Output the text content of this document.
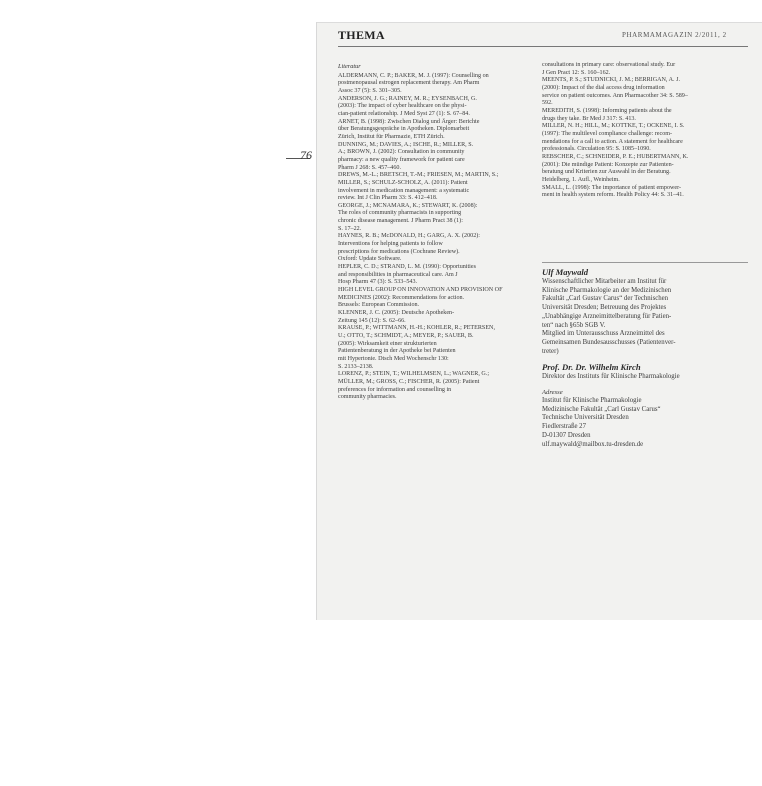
THEMA	PHARMAMAGAZIN 2/2011, 2
76
Literatur
ALDERMANN, C. P.; BAKER, M. J. (1997): Counselling on
postmenopausal estrogen replacement therapy. Am Pharm
Assoc 37 (5): S. 301–305.
ANDERSON, J. G.; RAINEY, M. R.; EYSENBACH, G.
(2003): The impact of cyber healthcare on the physi-
cian-patient relationship. J Med Syst 27 (1): S. 67–84.
ARNET, B. (1998): Zwischen Dialog und Ärger: Berichte
über Beratungsgespräche in Apotheken. Diplomarbeit
Zürich, Institut für Pharmazie, ETH Zürich.
DUNNING, M.; DAVIES, A.; ISCHE, R.; MILLER, S.
A.; BROWN, J. (2002): Consultation in community
pharmacy: a new quality framework for patient care
Pharm J 268: S. 457–460.
DREWS, M.-L.; BRETSCH, T.-M.; FRIESEN, M.; MARTIN, S.;
MILLER, S.; SCHULZ-SCHOLZ, A. (2011): Patient
involvement in medication management: a systematic
review. Int J Clin Pharm 33: S. 412–418.
GEORGE, J.; MCNAMARA, K.; STEWART, K. (2008):
The roles of community pharmacists in supporting
chronic disease management. J Pharm Pract 38 (1):
S. 17–22.
HAYNES, R. B.; McDONALD, H.; GARG, A. X. (2002):
Interventions for helping patients to follow
prescriptions for medications (Cochrane Review).
Oxford: Update Software.
HEPLER, C. D.; STRAND, L. M. (1990): Opportunities
and responsibilities in pharmaceutical care. Am J
Hosp Pharm 47 (3): S. 533–543.
HIGH LEVEL GROUP ON INNOVATION AND PROVISION OF
MEDICINES (2002): Recommendations for action.
Brussels: European Commission.
KLENNER, J. C. (2005): Deutsche Apotheken-
Zeitung 145 (12): S. 62–66.
KRAUSE, P.; WITTMANN, H.-H.; KOHLER, R.; PETERSEN,
U.; OTTO, T.; SCHMIDT, A.; MEYER, P.; SAUER, B.
(2005): Wirksamkeit einer strukturierten
Patientenberatung in der Apotheke bei Patienten
mit Hypertonie. Dtsch Med Wochenschr 130:
S. 2133–2138.
LORENZ, P.; STEIN, T.; WILHELMSEN, L.; WAGNER, G.;
MÜLLER, M.; GROSS, C.; FISCHER, R. (2005): Patient
preferences for information and counselling in
community pharmacies.
consultations in primary care: observational study. Eur
J Gen Pract 12: S. 160–162.
MEENTS, P. S.; STUDNICKI, J. M.; BERRIGAN, A. J.
(2000): Impact of the dial access drug information
service on patient outcomes. Ann Pharmacother 34: S. 589–
592.
MEREDITH, S. (1998): Informing patients about the
drugs they take. Br Med J 317: S. 413.
MILLER, N. H.; HILL, M.; KOTTKE, T.; OCKENE, I. S.
(1997): The multilevel compliance challenge: recom-
mendations for a call to action. A statement for healthcare
professionals. Circulation 95: S. 1085–1090.
REBSCHER, C.; SCHNEIDER, P. E.; HUBERTMANN, K.
(2001): Die mündige Patient: Konzepte zur Patienten-
beratung und Kriterien zur Auswahl in der Beratung.
Heidelberg, 1. Aufl., Weinheim.
SMALL, L. (1998): The importance of patient empower-
ment in health system reform. Health Policy 44: S. 31–41.
Ulf Maywald
Wissenschaftlicher Mitarbeiter am Institut für
Klinische Pharmakologie an der Medizinischen
Fakultät „Carl Gustav Carus“ der Technischen
Universität Dresden; Betreuung des Projektes
„Unabhängige Arzneimittelberatung für Patien-
ten“ nach §65b SGB V.
Mitglied im Unterausschuss Arzneimittel des
Gemeinsamen Bundesausschusses (Patientenver-
treter)
Prof. Dr. Dr. Wilhelm Kirch
Direktor des Instituts für Klinische Pharmakologie
Adresse
Institut für Klinische Pharmakologie
Medizinische Fakultät „Carl Gustav Carus“
Technische Universität Dresden
Fiedlerstraße 27
D-01307 Dresden
ulf.maywald@mailbox.tu-dresden.de
